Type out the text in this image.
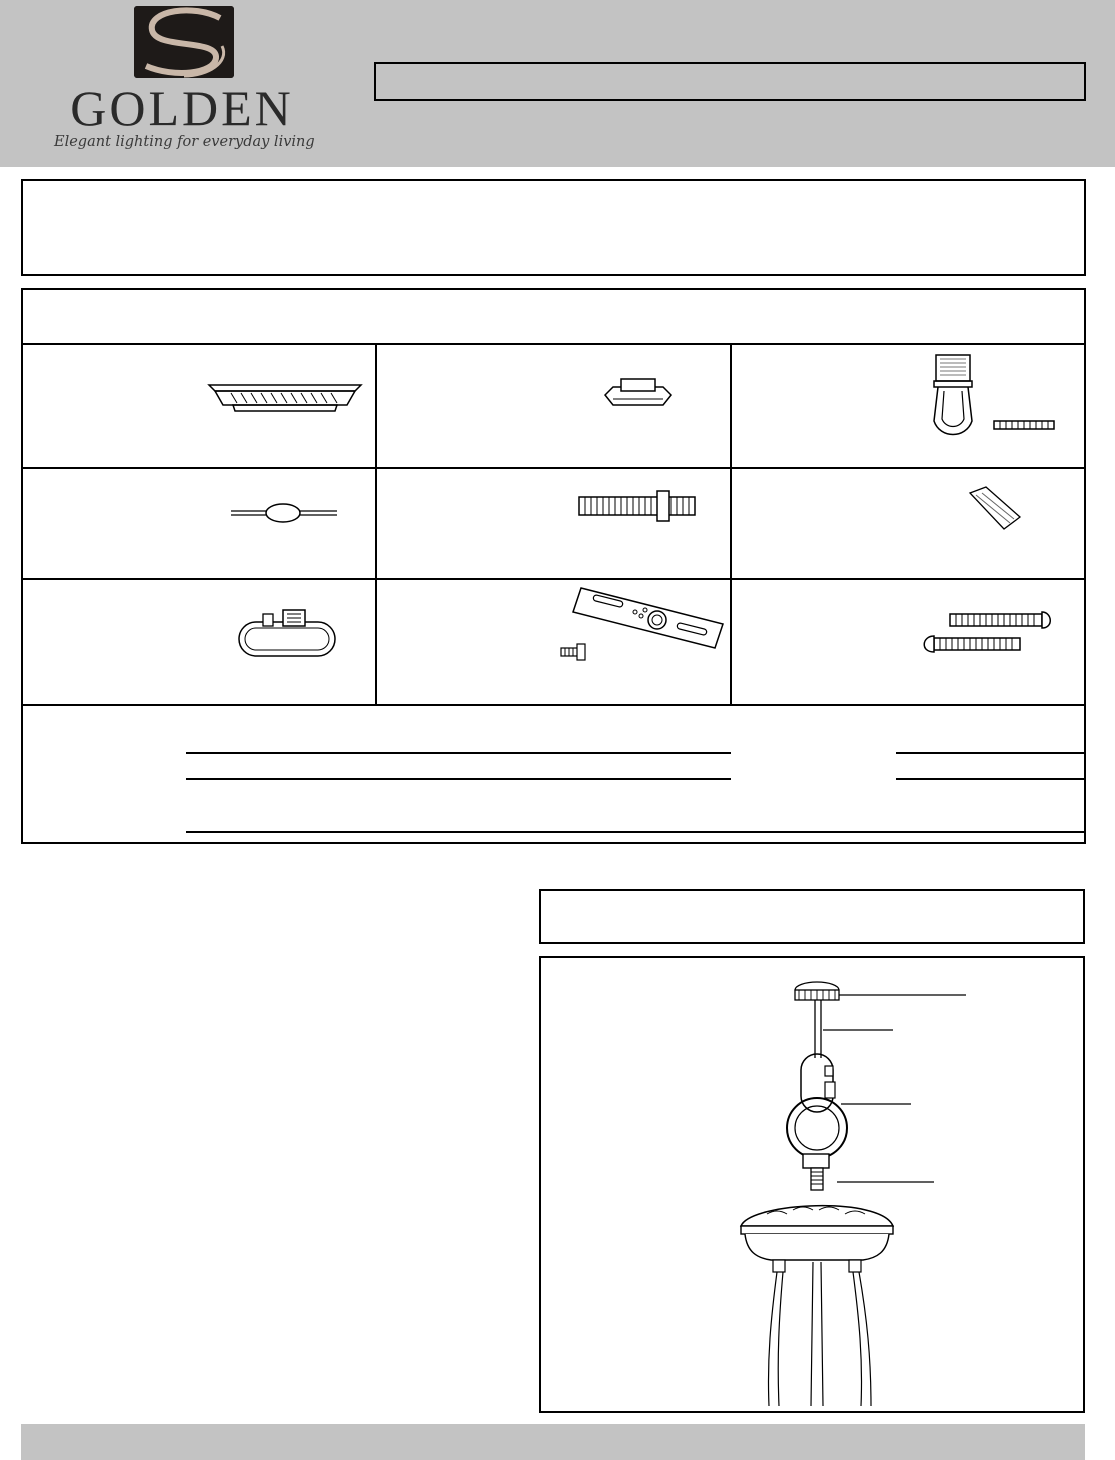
GOLDEN
Elegant lighting for everyday living
